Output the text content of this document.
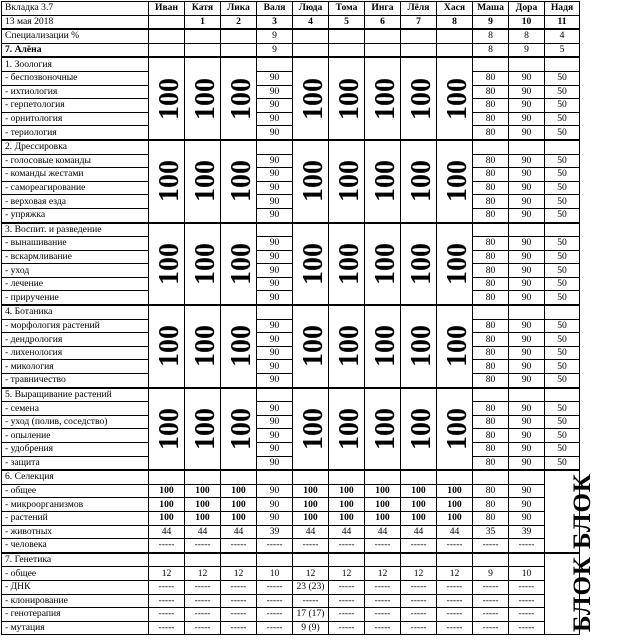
Вкладка 3.7	Иван	Катя	Лика	Валя	Люда	Тома	Инга	Лёля	Хася	Маша	Дора	Надя
13 мая 2018		1	2	3	4	5	6	7	8	9	10	11
Специализации %				9						8	8	4
7. Алёна				9						8	9	5
1. Зоология	100	100	100		100	100	100	100	100			
- беспозвоночные				90						80	90	50
- ихтиология				90						80	90	50
- герпетология				90						80	90	50
- орнитология				90						80	90	50
- териология				90						80	90	50
2. Дрессировка	100	100	100		100	100	100	100	100			
- голосовые команды				90						80	90	50
- команды жестами				90						80	90	50
- самореагирование				90						80	90	50
- верховая езда				90						80	90	50
- упряжка				90						80	90	50
3. Воспит. и разведение	100	100	100		100	100	100	100	100			
- вынашивание				90						80	90	50
- вскармливание				90						80	90	50
- уход				90						80	90	50
- лечение				90						80	90	50
- приручение				90						80	90	50
4. Ботаника	100	100	100		100	100	100	100	100			
- морфология растений				90						80	90	50
- дендрология				90						80	90	50
- лихенология				90						80	90	50
- микология				90						80	90	50
- травничество				90						80	90	50
5. Выращивание растений	100	100	100		100	100	100	100	100			
- семена				90						80	90	50
- уход (полив, соседство)				90						80	90	50
- опыление				90						80	90	50
- удобрения				90						80	90	50
- защита				90						80	90	50
6. Селекция												БЛОК
- общее	100	100	100	90	100	100	100	100	100	80	90	
- микроорганизмов	100	100	100	90	100	100	100	100	100	80	90	
- растений	100	100	100	90	100	100	100	100	100	80	90	
- животных	44	44	44	39	44	44	44	44	44	35	39	
- человека	-----	-----	-----	-----	-----	-----	-----	-----	-----	-----	-----	
7. Генетика												БЛОК
- общее	12	12	12	10	12	12	12	12	12	9	10	
- ДНК	-----	-----	-----	-----	23 (23)	-----	-----	-----	-----	-----	-----	
- клонирование	-----	-----	-----	-----	-----	-----	-----	-----	-----	-----	-----	
- генотерапия	-----	-----	-----	-----	17 (17)	-----	-----	-----	-----	-----	-----	
- мутация	-----	-----	-----	-----	9 (9)	-----	-----	-----	-----	-----	-----	
